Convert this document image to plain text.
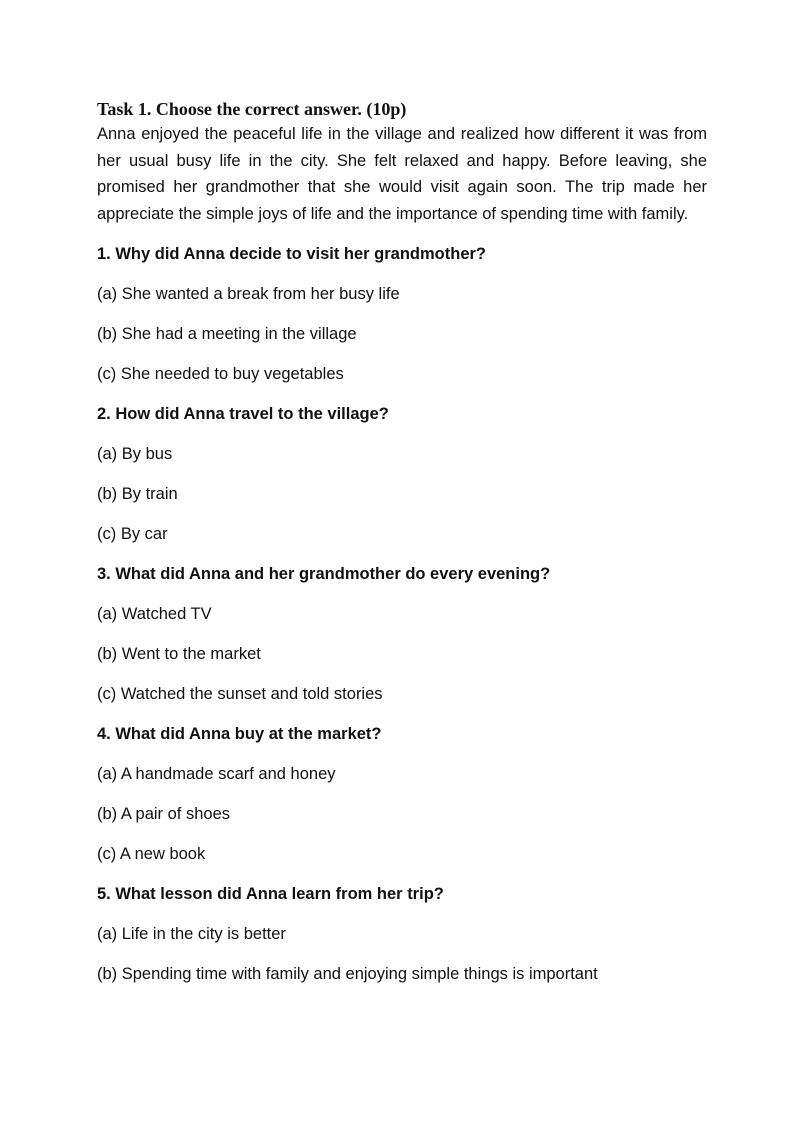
Task 1. Choose the correct answer. (10p)

Anna enjoyed the peaceful life in the village and realized how different it was from her usual busy life in the city. She felt relaxed and happy. Before leaving, she promised her grandmother that she would visit again soon. The trip made her appreciate the simple joys of life and the importance of spending time with family.

1. Why did Anna decide to visit her grandmother?

(a) She wanted a break from her busy life

(b) She had a meeting in the village

(c) She needed to buy vegetables

2. How did Anna travel to the village?

(a) By bus

(b) By train

(c) By car

3. What did Anna and her grandmother do every evening?

(a) Watched TV

(b) Went to the market

(c) Watched the sunset and told stories

4. What did Anna buy at the market?

(a) A handmade scarf and honey

(b) A pair of shoes

(c) A new book

5. What lesson did Anna learn from her trip?

(a) Life in the city is better

(b) Spending time with family and enjoying simple things is important
